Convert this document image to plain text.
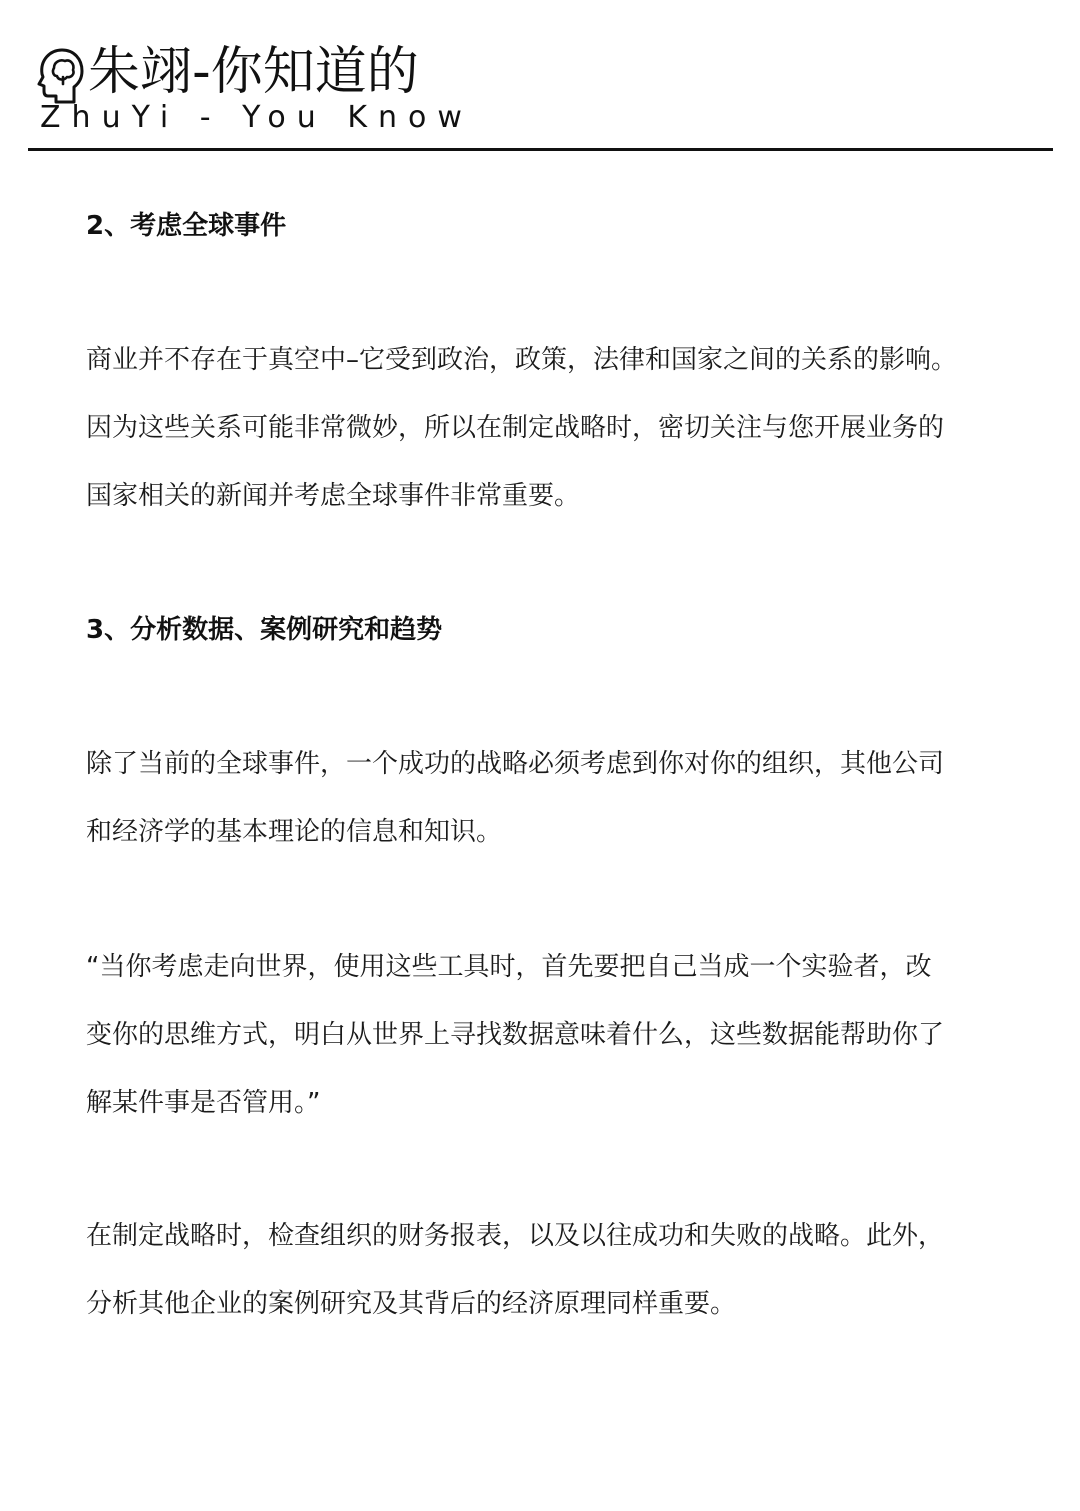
朱翊-你知道的
ZhuYi - You Know
2、考虑全球事件

商业并不存在于真空中–它受到政治，政策，法律和国家之间的关系的影响。
因为这些关系可能非常微妙，所以在制定战略时，密切关注与您开展业务的
国家相关的新闻并考虑全球事件非常重要。

3、分析数据、案例研究和趋势

除了当前的全球事件，一个成功的战略必须考虑到你对你的组织，其他公司
和经济学的基本理论的信息和知识。

“当你考虑走向世界，使用这些工具时，首先要把自己当成一个实验者，改
变你的思维方式，明白从世界上寻找数据意味着什么，这些数据能帮助你了
解某件事是否管用。”

在制定战略时，检查组织的财务报表，以及以往成功和失败的战略。此外，
分析其他企业的案例研究及其背后的经济原理同样重要。
